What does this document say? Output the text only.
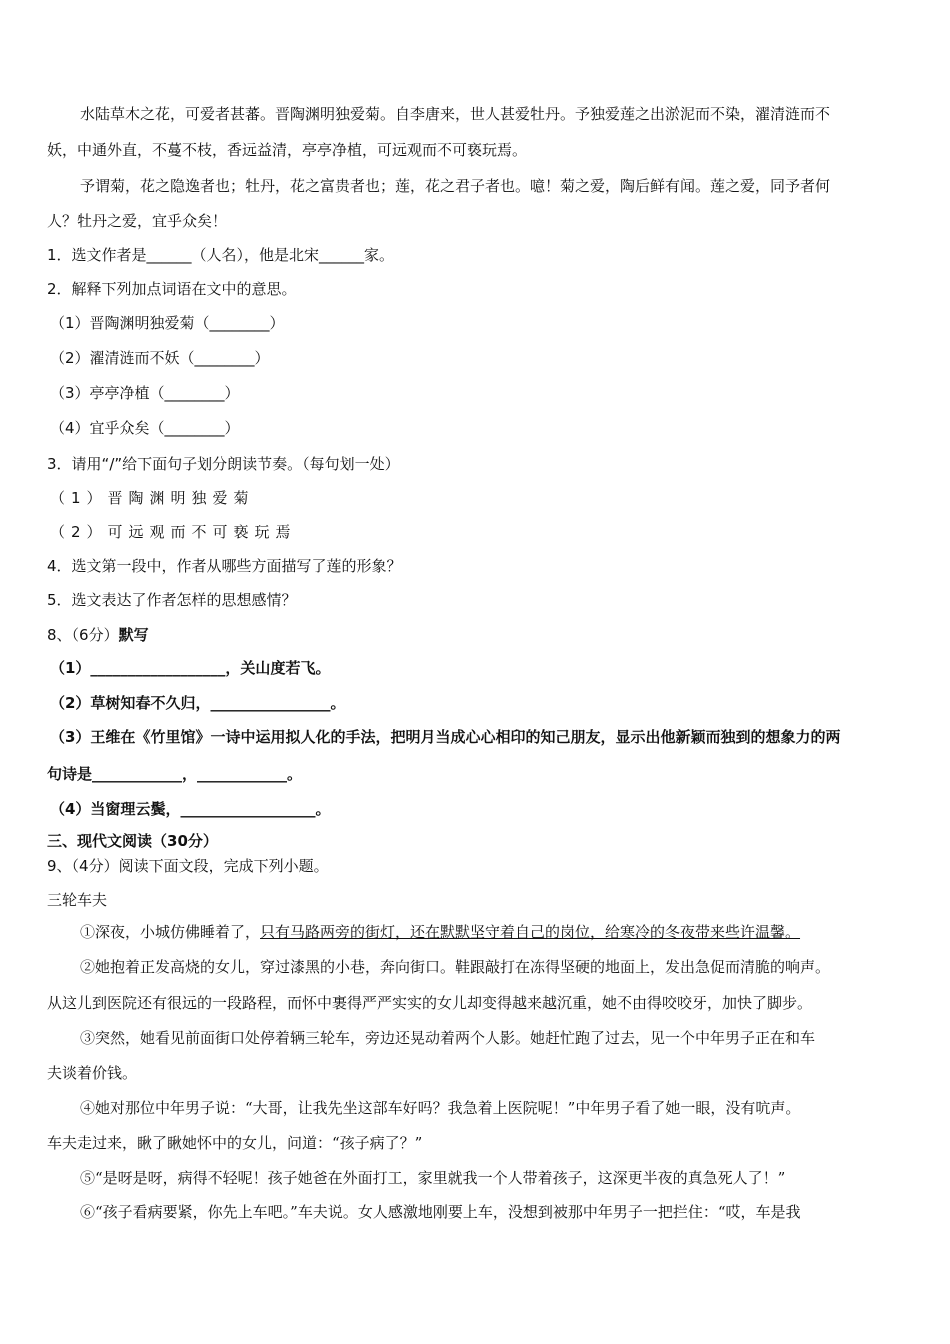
水陆草木之花，可爱者甚蕃。晋陶渊明独爱菊。自李唐来，世人甚爱牡丹。予独爱莲之出淤泥而不染，濯清涟而不
妖，中通外直，不蔓不枝，香远益清，亭亭净植，可远观而不可亵玩焉。
予谓菊，花之隐逸者也；牡丹，花之富贵者也；莲，花之君子者也。噫！菊之爱，陶后鲜有闻。莲之爱，同予者何
人？牡丹之爱，宜乎众矣！
1．选文作者是______（人名），他是北宋______家。
2．解释下列加点词语在文中的意思。
（1）晋陶渊明独爱菊（________）
（2）濯清涟而不妖（________）
（3）亭亭净植（________）
（4）宜乎众矣（________）
3．请用“/”给下面句子划分朗读节奏。（每句划一处）
（1）晋陶渊明独爱菊
（2）可远观而不可亵玩焉
4．选文第一段中，作者从哪些方面描写了莲的形象？
5．选文表达了作者怎样的思想感情？
8、（6分）默写
（1）__________________，关山度若飞。
（2）草树知春不久归，________________。
（3）王维在《竹里馆》一诗中运用拟人化的手法，把明月当成心心相印的知己朋友，显示出他新颖而独到的想象力的两
句诗是____________，____________。
（4）当窗理云鬓，__________________。
三、现代文阅读（30分）
9、（4分）阅读下面文段，完成下列小题。
三轮车夫
①深夜，小城仿佛睡着了，只有马路两旁的街灯，还在默默坚守着自己的岗位，给寒冷的冬夜带来些许温馨。
②她抱着正发高烧的女儿，穿过漆黑的小巷，奔向街口。鞋跟敲打在冻得坚硬的地面上，发出急促而清脆的响声。
从这儿到医院还有很远的一段路程，而怀中裹得严严实实的女儿却变得越来越沉重，她不由得咬咬牙，加快了脚步。
③突然，她看见前面街口处停着辆三轮车，旁边还晃动着两个人影。她赶忙跑了过去，见一个中年男子正在和车
夫谈着价钱。
④她对那位中年男子说：“大哥，让我先坐这部车好吗？我急着上医院呢！”中年男子看了她一眼，没有吭声。
车夫走过来，瞅了瞅她怀中的女儿，问道：“孩子病了？”
⑤“是呀是呀，病得不轻呢！孩子她爸在外面打工，家里就我一个人带着孩子，这深更半夜的真急死人了！”
⑥“孩子看病要紧，你先上车吧。”车夫说。女人感激地刚要上车，没想到被那中年男子一把拦住：“哎，车是我
